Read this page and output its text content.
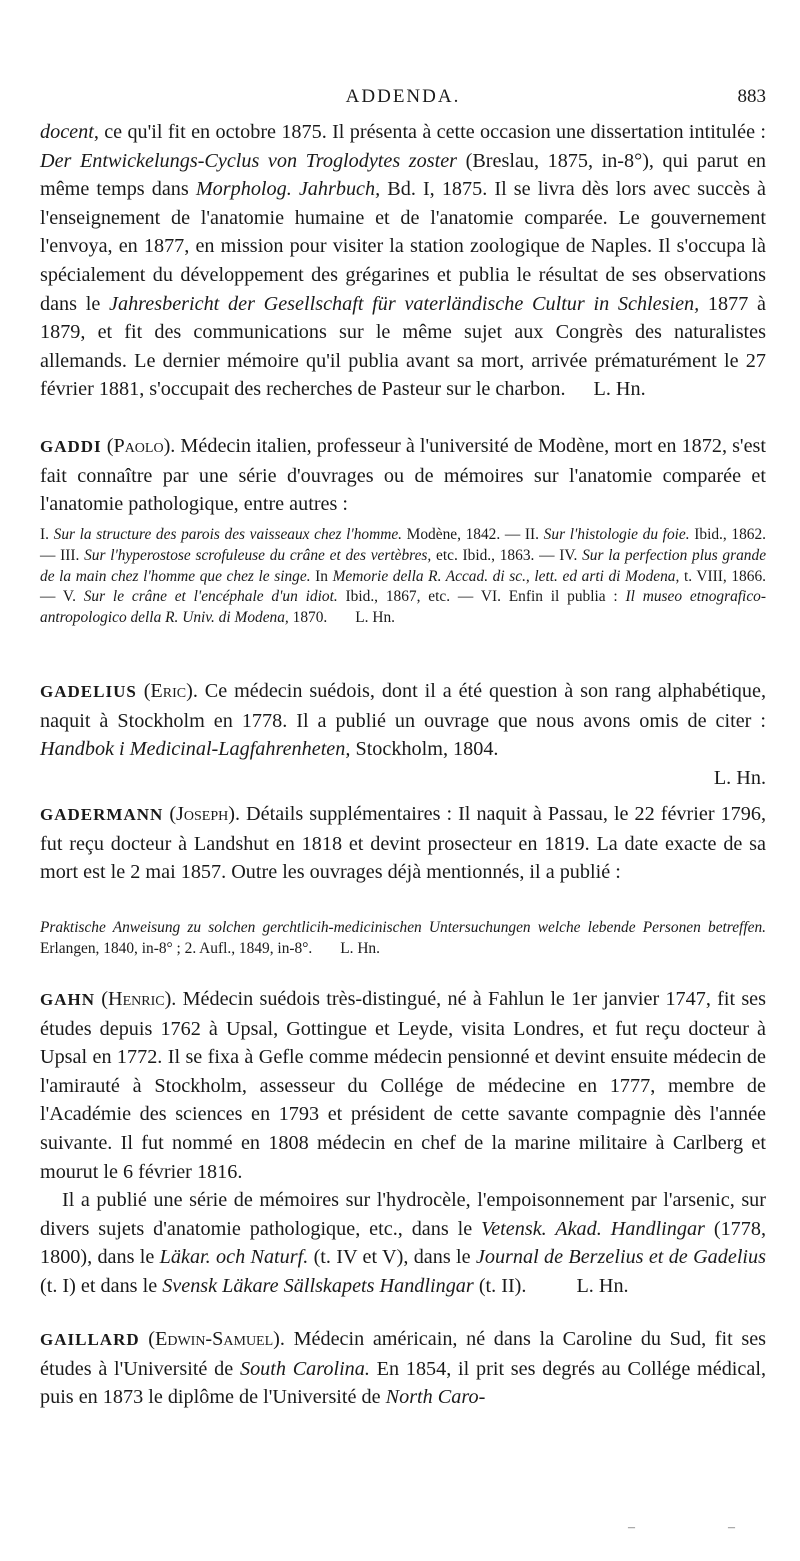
ADDENDA.	883

docent, ce qu'il fit en octobre 1875. Il présenta à cette occasion une dissertation intitulée : Der Entwickelungs-Cyclus von Troglodytes zoster (Breslau, 1875, in-8°), qui parut en même temps dans Morpholog. Jahrbuch, Bd. I, 1875. Il se livra dès lors avec succès à l'enseignement de l'anatomie humaine et de l'anatomie comparée. Le gouvernement l'envoya, en 1877, en mission pour visiter la station zoologique de Naples. Il s'occupa là spécialement du développement des grégarines et publia le résultat de ses observations dans le Jahresbericht der Gesellschaft für vaterländische Cultur in Schlesien, 1877 à 1879, et fit des communications sur le même sujet aux Congrès des naturalistes allemands. Le dernier mémoire qu'il publia avant sa mort, arrivée prématurément le 27 février 1881, s'occupait des recherches de Pasteur sur le charbon. L. Hn.

GADDI (Paolo). Médecin italien, professeur à l'université de Modène, mort en 1872, s'est fait connaître par une série d'ouvrages ou de mémoires sur l'anatomie comparée et l'anatomie pathologique, entre autres :

I. Sur la structure des parois des vaisseaux chez l'homme. Modène, 1842. — II. Sur l'histologie du foie. Ibid., 1862. — III. Sur l'hyperostose scrofuleuse du crâne et des vertèbres, etc. Ibid., 1863. — IV. Sur la perfection plus grande de la main chez l'homme que chez le singe. In Memorie della R. Accad. di sc., lett. ed arti di Modena, t. VIII, 1866. — V. Sur le crâne et l'encéphale d'un idiot. Ibid., 1867, etc. — VI. Enfin il publia : Il museo etnografico-antropologico della R. Univ. di Modena, 1870. L. Hn.

GADELIUS (Eric). Ce médecin suédois, dont il a été question à son rang alphabétique, naquit à Stockholm en 1778. Il a publié un ouvrage que nous avons omis de citer : Handbok i Medicinal-Lagfahrenheten, Stockholm, 1804.

L. Hn.

GADERMANN (Joseph). Détails supplémentaires : Il naquit à Passau, le 22 février 1796, fut reçu docteur à Landshut en 1818 et devint prosecteur en 1819. La date exacte de sa mort est le 2 mai 1857. Outre les ouvrages déjà mentionnés, il a publié :

Praktische Anweisung zu solchen gerchtlicih-medicinischen Untersuchungen welche lebende Personen betreffen. Erlangen, 1840, in-8° ; 2. Aufl., 1849, in-8°. L. Hn.

GAHN (Henric). Médecin suédois très-distingué, né à Fahlun le 1er janvier 1747, fit ses études depuis 1762 à Upsal, Gottingue et Leyde, visita Londres, et fut reçu docteur à Upsal en 1772. Il se fixa à Gefle comme médecin pensionné et devint ensuite médecin de l'amirauté à Stockholm, assesseur du Collége de médecine en 1777, membre de l'Académie des sciences en 1793 et président de cette savante compagnie dès l'année suivante. Il fut nommé en 1808 médecin en chef de la marine militaire à Carlberg et mourut le 6 février 1816.

Il a publié une série de mémoires sur l'hydrocèle, l'empoisonnement par l'arsenic, sur divers sujets d'anatomie pathologique, etc., dans le Vetensk. Akad. Handlingar (1778, 1800), dans le Läkar. och Naturf. (t. IV et V), dans le Journal de Berzelius et de Gadelius (t. I) et dans le Svensk Läkare Sällskapets Handlingar (t. II). L. Hn.

GAILLARD (Edwin-Samuel). Médecin américain, né dans la Caroline du Sud, fit ses études à l'Université de South Carolina. En 1854, il prit ses degrés au Collége médical, puis en 1873 le diplôme de l'Université de North Caro-

–	–
